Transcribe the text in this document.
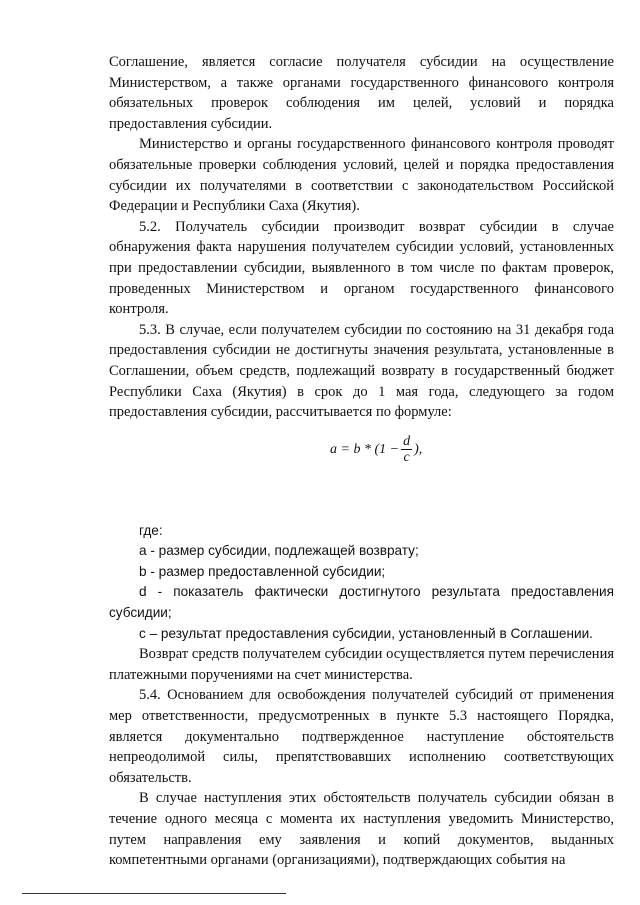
Соглашение, является согласие получателя субсидии на осуществление Министерством, а также органами государственного финансового контроля обязательных проверок соблюдения им целей, условий и порядка предоставления субсидии.

Министерство и органы государственного финансового контроля проводят обязательные проверки соблюдения условий, целей и порядка предоставления субсидии их получателями в соответствии с законодательством Российской Федерации и Республики Саха (Якутия).

5.2. Получатель субсидии производит возврат субсидии в случае обнаружения факта нарушения получателем субсидии условий, установленных при предоставлении субсидии, выявленного в том числе по фактам проверок, проведенных Министерством и органом государственного финансового контроля.

5.3. В случае, если получателем субсидии по состоянию на 31 декабря года предоставления субсидии не достигнуты значения результата, установленные в Соглашении, объем средств, подлежащий возврату в государственный бюджет Республики Саха (Якутия) в срок до 1 мая года, следующего за годом предоставления субсидии, рассчитывается по формуле:

где:

a - размер субсидии, подлежащей возврату;

b - размер предоставленной субсидии;

d - показатель фактически достигнутого результата предоставления субсидии;

c – результат предоставления субсидии, установленный в Соглашении.

Возврат средств получателем субсидии осуществляется путем перечисления платежными поручениями на счет министерства.

5.4. Основанием для освобождения получателей субсидий от применения мер ответственности, предусмотренных в пункте 5.3 настоящего Порядка, является документально подтвержденное наступление обстоятельств непреодолимой силы, препятствовавших исполнению соответствующих обязательств.

В случае наступления этих обстоятельств получатель субсидии обязан в течение одного месяца с момента их наступления уведомить Министерство, путем направления ему заявления и копий документов, выданных компетентными органами (организациями), подтверждающих события на

$a = b * (1 - \frac{d}{c}$ ),
